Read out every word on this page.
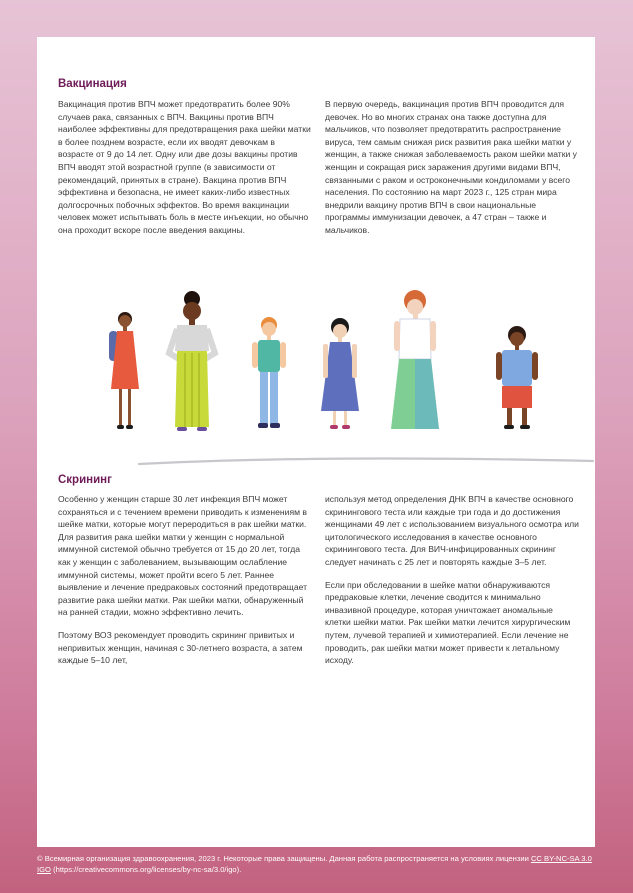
Вакцинация

Вакцинация против ВПЧ может предотвратить более 90% случаев рака, связанных с ВПЧ. Вакцины против ВПЧ наиболее эффективны для предотвращения рака шейки матки в более позднем возрасте, если их вводят девочкам в возрасте от 9 до 14 лет. Одну или две дозы вакцины против ВПЧ вводят этой возрастной группе (в зависимости от рекомендаций, принятых в стране). Вакцина против ВПЧ эффективна и безопасна, не имеет каких-либо известных долгосрочных побочных эффектов. Во время вакцинации человек может испытывать боль в месте инъекции, но обычно она проходит вскоре после введения вакцины.

В первую очередь, вакцинация против ВПЧ проводится для девочек. Но во многих странах она также доступна для мальчиков, что позволяет предотвратить распространение вируса, тем самым снижая риск развития рака шейки матки у женщин, а также снижая заболеваемость раком шейки матки у женщин и сокращая риск заражения другими видами ВПЧ, связанными с раком и остроконечными кондиломами у всего населения. По состоянию на март 2023 г., 125 стран мира внедрили вакцину против ВПЧ в свои национальные программы иммунизации девочек, а 47 стран – также и мальчиков.

Скрининг

Особенно у женщин старше 30 лет инфекция ВПЧ может сохраняться и с течением времени приводить к изменениям в шейке матки, которые могут переродиться в рак шейки матки. Для развития рака шейки матки у женщин с нормальной иммунной системой обычно требуется от 15 до 20 лет, тогда как у женщин с заболеванием, вызывающим ослабление иммунной системы, может пройти всего 5 лет. Раннее выявление и лечение предраковых состояний предотвращает развитие рака шейки матки. Рак шейки матки, обнаруженный на ранней стадии, можно эффективно лечить.

Поэтому ВОЗ рекомендует проводить скрининг привитых и непривитых женщин, начиная с 30-летнего возраста, а затем каждые 5–10 лет,

используя метод определения ДНК ВПЧ в качестве основного скринингового теста или каждые три года и до достижения женщинами 49 лет с использованием визуального осмотра или цитологического исследования в качестве основного скринингового теста. Для ВИЧ-инфицированных скрининг следует начинать с 25 лет и повторять каждые 3–5 лет.

Если при обследовании в шейке матки обнаруживаются предраковые клетки, лечение сводится к минимально инвазивной процедуре, которая уничтожает аномальные клетки шейки матки. Рак шейки матки лечится хирургическим путем, лучевой терапией и химиотерапией. Если лечение не проводить, рак шейки матки может привести к летальному исходу.

© Всемирная организация здравоохранения, 2023 г. Некоторые права защищены. Данная работа распространяется на условиях лицензии CC BY-NC-SA 3.0 IGO (https://creativecommons.org/licenses/by-nc-sa/3.0/igo).
